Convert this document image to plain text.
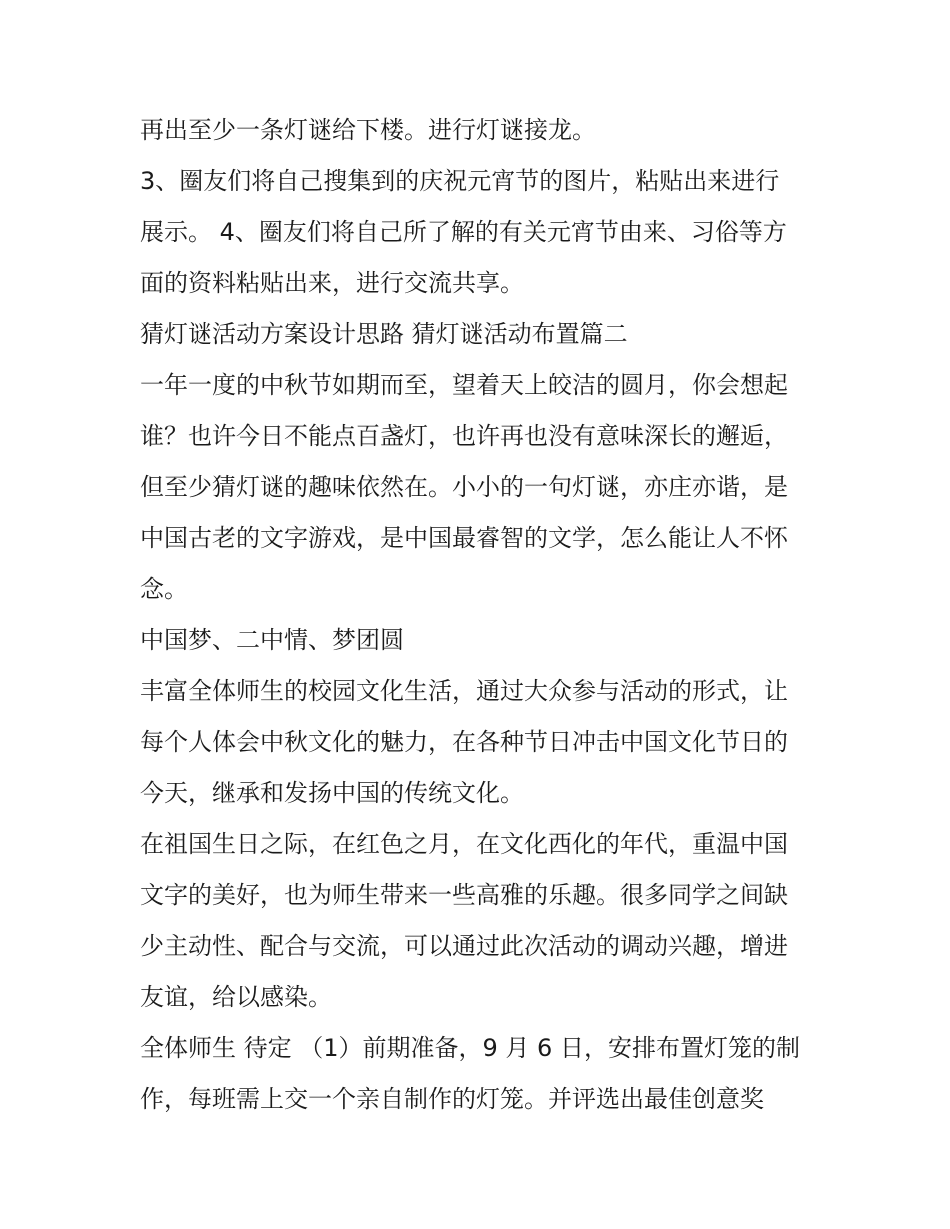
再出至少一条灯谜给下楼。进行灯谜接龙。
3、圈友们将自己搜集到的庆祝元宵节的图片，粘贴出来进行
展示。 4、圈友们将自己所了解的有关元宵节由来、习俗等方
面的资料粘贴出来，进行交流共享。
猜灯谜活动方案设计思路 猜灯谜活动布置篇二
一年一度的中秋节如期而至，望着天上皎洁的圆月，你会想起
谁？也许今日不能点百盏灯，也许再也没有意味深长的邂逅，
但至少猜灯谜的趣味依然在。小小的一句灯谜，亦庄亦谐，是
中国古老的文字游戏，是中国最睿智的文学，怎么能让人不怀
念。
中国梦、二中情、梦团圆
丰富全体师生的校园文化生活，通过大众参与活动的形式，让
每个人体会中秋文化的魅力，在各种节日冲击中国文化节日的
今天，继承和发扬中国的传统文化。
在祖国生日之际，在红色之月，在文化西化的年代，重温中国
文字的美好，也为师生带来一些高雅的乐趣。很多同学之间缺
少主动性、配合与交流，可以通过此次活动的调动兴趣，增进
友谊，给以感染。
全体师生 待定 （1）前期准备，9 月 6 日，安排布置灯笼的制
作，每班需上交一个亲自制作的灯笼。并评选出最佳创意奖
